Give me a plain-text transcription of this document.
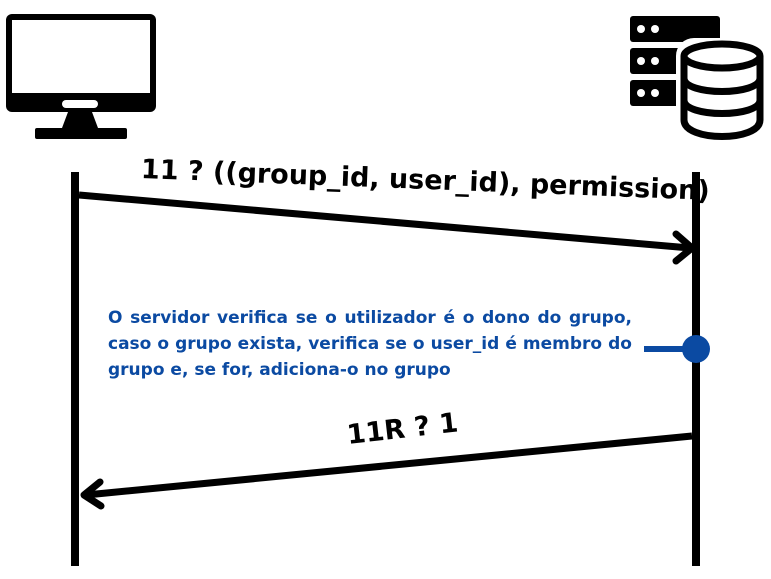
11 ? ((group_id, user_id), permission)
11R ? 1
O servidor verifica se o utilizador é o dono do grupo, caso o grupo exista, verifica se o user_id é membro do grupo e, se for, adiciona-o no grupo
